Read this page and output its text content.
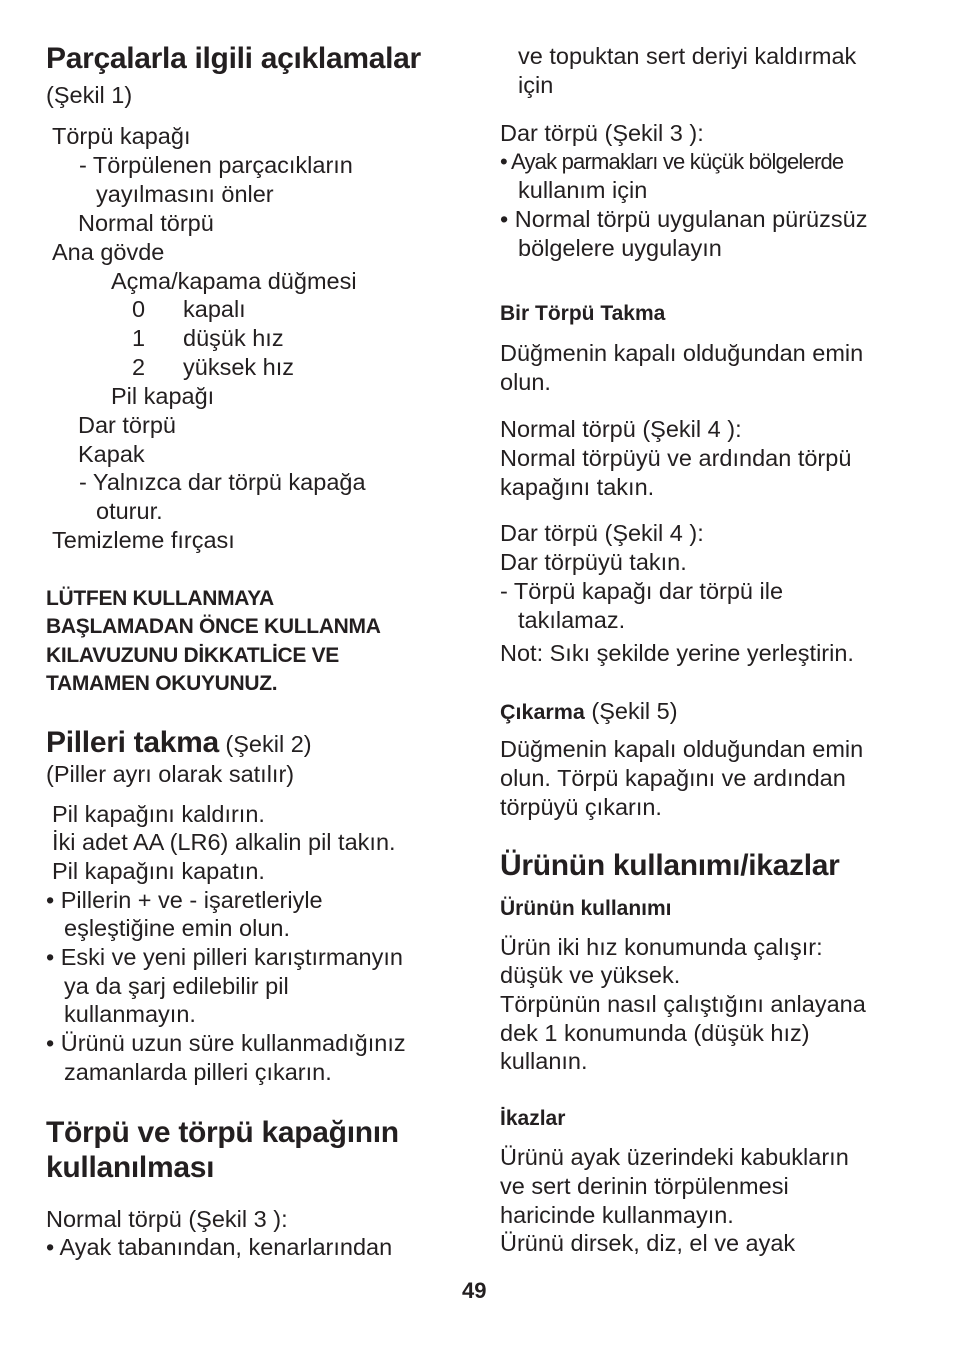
Parçalarla ilgili açıklamalar
(Şekil 1)
Törpü kapağı
- Törpülenen parçacıkların
yayılmasını önler
Normal törpü
Ana gövde
Açma/kapama düğmesi
0 kapalı
1 düşük hız
2 yüksek hız
Pil kapağı
Dar törpü
Kapak
- Yalnızca dar törpü kapağa
oturur.
Temizleme fırçası
LÜTFEN KULLANMAYA
BAŞLAMADAN ÖNCE KULLANMA
KILAVUZUNU DİKKATLİCE VE
TAMAMEN OKUYUNUZ.
Pilleri takma (Şekil 2)
(Piller ayrı olarak satılır)
Pil kapağını kaldırın.
İki adet AA (LR6) alkalin pil takın.
Pil kapağını kapatın.
• Pillerin + ve - işaretleriyle
eşleştiğine emin olun.
• Eski ve yeni pilleri karıştırmanyın
ya da şarj edilebilir pil
kullanmayın.
• Ürünü uzun süre kullanmadığınız
zamanlarda pilleri çıkarın.
Törpü ve törpü kapağının
kullanılması
Normal törpü (Şekil 3 ):
• Ayak tabanından, kenarlarından
ve topuktan sert deriyi kaldırmak
için
Dar törpü (Şekil 3 ):
• Ayak parmakları ve küçük bölgelerde
kullanım için
• Normal törpü uygulanan pürüzsüz
bölgelere uygulayın
Bir Törpü Takma
Düğmenin kapalı olduğundan emin
olun.
Normal törpü (Şekil 4 ):
Normal törpüyü ve ardından törpü
kapağını takın.
Dar törpü (Şekil 4 ):
Dar törpüyü takın.
- Törpü kapağı dar törpü ile
takılamaz.
Not: Sıkı şekilde yerine yerleştirin.
Çıkarma (Şekil 5)
Düğmenin kapalı olduğundan emin
olun. Törpü kapağını ve ardından
törpüyü çıkarın.
Ürünün kullanımı/ikazlar
Ürünün kullanımı
Ürün iki hız konumunda çalışır:
düşük ve yüksek.
Törpünün nasıl çalıştığını anlayana
dek 1 konumunda (düşük hız)
kullanın.
İkazlar
Ürünü ayak üzerindeki kabukların
ve sert derinin törpülenmesi
haricinde kullanmayın.
Ürünü dirsek, diz, el ve ayak
49
